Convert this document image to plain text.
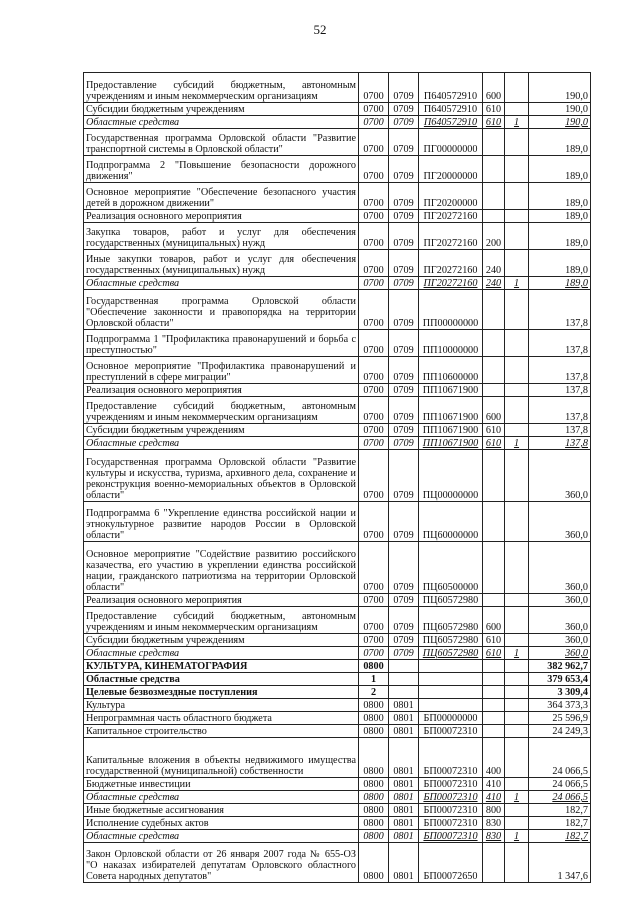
52
Предоставление субсидий бюджетным, автономным учреждениям и иным некоммерческим организациям	0700	0709	П640572910	600		190,0
Субсидии бюджетным учреждениям	0700	0709	П640572910	610		190,0
Областные средства	0700	0709	П640572910	610	1	190,0
Государственная программа Орловской области "Развитие транспортной системы в Орловской области"	0700	0709	ПГ00000000			189,0
Подпрограмма 2 "Повышение безопасности дорожного движения"	0700	0709	ПГ20000000			189,0
Основное мероприятие "Обеспечение безопасного участия детей в дорожном движении"	0700	0709	ПГ20200000			189,0
Реализация основного мероприятия	0700	0709	ПГ20272160			189,0
Закупка товаров, работ и услуг для обеспечения государственных (муниципальных) нужд	0700	0709	ПГ20272160	200		189,0
Иные закупки товаров, работ и услуг для обеспечения государственных (муниципальных) нужд	0700	0709	ПГ20272160	240		189,0
Областные средства	0700	0709	ПГ20272160	240	1	189,0
Государственная программа Орловской области "Обеспечение законности и правопорядка на территории Орловской области"	0700	0709	ПП00000000			137,8
Подпрограмма 1 "Профилактика правонарушений и борьба с преступностью"	0700	0709	ПП10000000			137,8
Основное мероприятие "Профилактика правонарушений и преступлений в сфере миграции"	0700	0709	ПП10600000			137,8
Реализация основного мероприятия	0700	0709	ПП10671900			137,8
Предоставление субсидий бюджетным, автономным учреждениям и иным некоммерческим организациям	0700	0709	ПП10671900	600		137,8
Субсидии бюджетным учреждениям	0700	0709	ПП10671900	610		137,8
Областные средства	0700	0709	ПП10671900	610	1	137,8
Государственная программа Орловской области "Развитие культуры и искусства, туризма, архивного дела, сохранение и реконструкция военно-мемориальных объектов в Орловской области"	0700	0709	ПЦ00000000			360,0
Подпрограмма 6 "Укрепление единства российской нации и этнокультурное развитие народов России в Орловской области"	0700	0709	ПЦ60000000			360,0
Основное мероприятие "Содействие развитию российского казачества, его участию в укреплении единства российской нации, гражданского патриотизма на территории Орловской области"	0700	0709	ПЦ60500000			360,0
Реализация основного мероприятия	0700	0709	ПЦ60572980			360,0
Предоставление субсидий бюджетным, автономным учреждениям и иным некоммерческим организациям	0700	0709	ПЦ60572980	600		360,0
Субсидии бюджетным учреждениям	0700	0709	ПЦ60572980	610		360,0
Областные средства	0700	0709	ПЦ60572980	610	1	360,0
КУЛЬТУРА, КИНЕМАТОГРАФИЯ	0800					382 962,7
Областные средства	1					379 653,4
Целевые безвозмездные поступления	2					3 309,4
Культура	0800	0801				364 373,3
Непрограммная часть областного бюджета	0800	0801	БП00000000			25 596,9
Капитальное строительство	0800	0801	БП00072310			24 249,3
Капитальные вложения в объекты недвижимого имущества государственной (муниципальной) собственности	0800	0801	БП00072310	400		24 066,5
Бюджетные инвестиции	0800	0801	БП00072310	410		24 066,5
Областные средства	0800	0801	БП00072310	410	1	24 066,5
Иные бюджетные ассигнования	0800	0801	БП00072310	800		182,7
Исполнение судебных актов	0800	0801	БП00072310	830		182,7
Областные средства	0800	0801	БП00072310	830	1	182,7
Закон Орловской области от 26 января 2007 года № 655-ОЗ "О наказах избирателей депутатам Орловского областного Совета народных депутатов"	0800	0801	БП00072650			1 347,6
